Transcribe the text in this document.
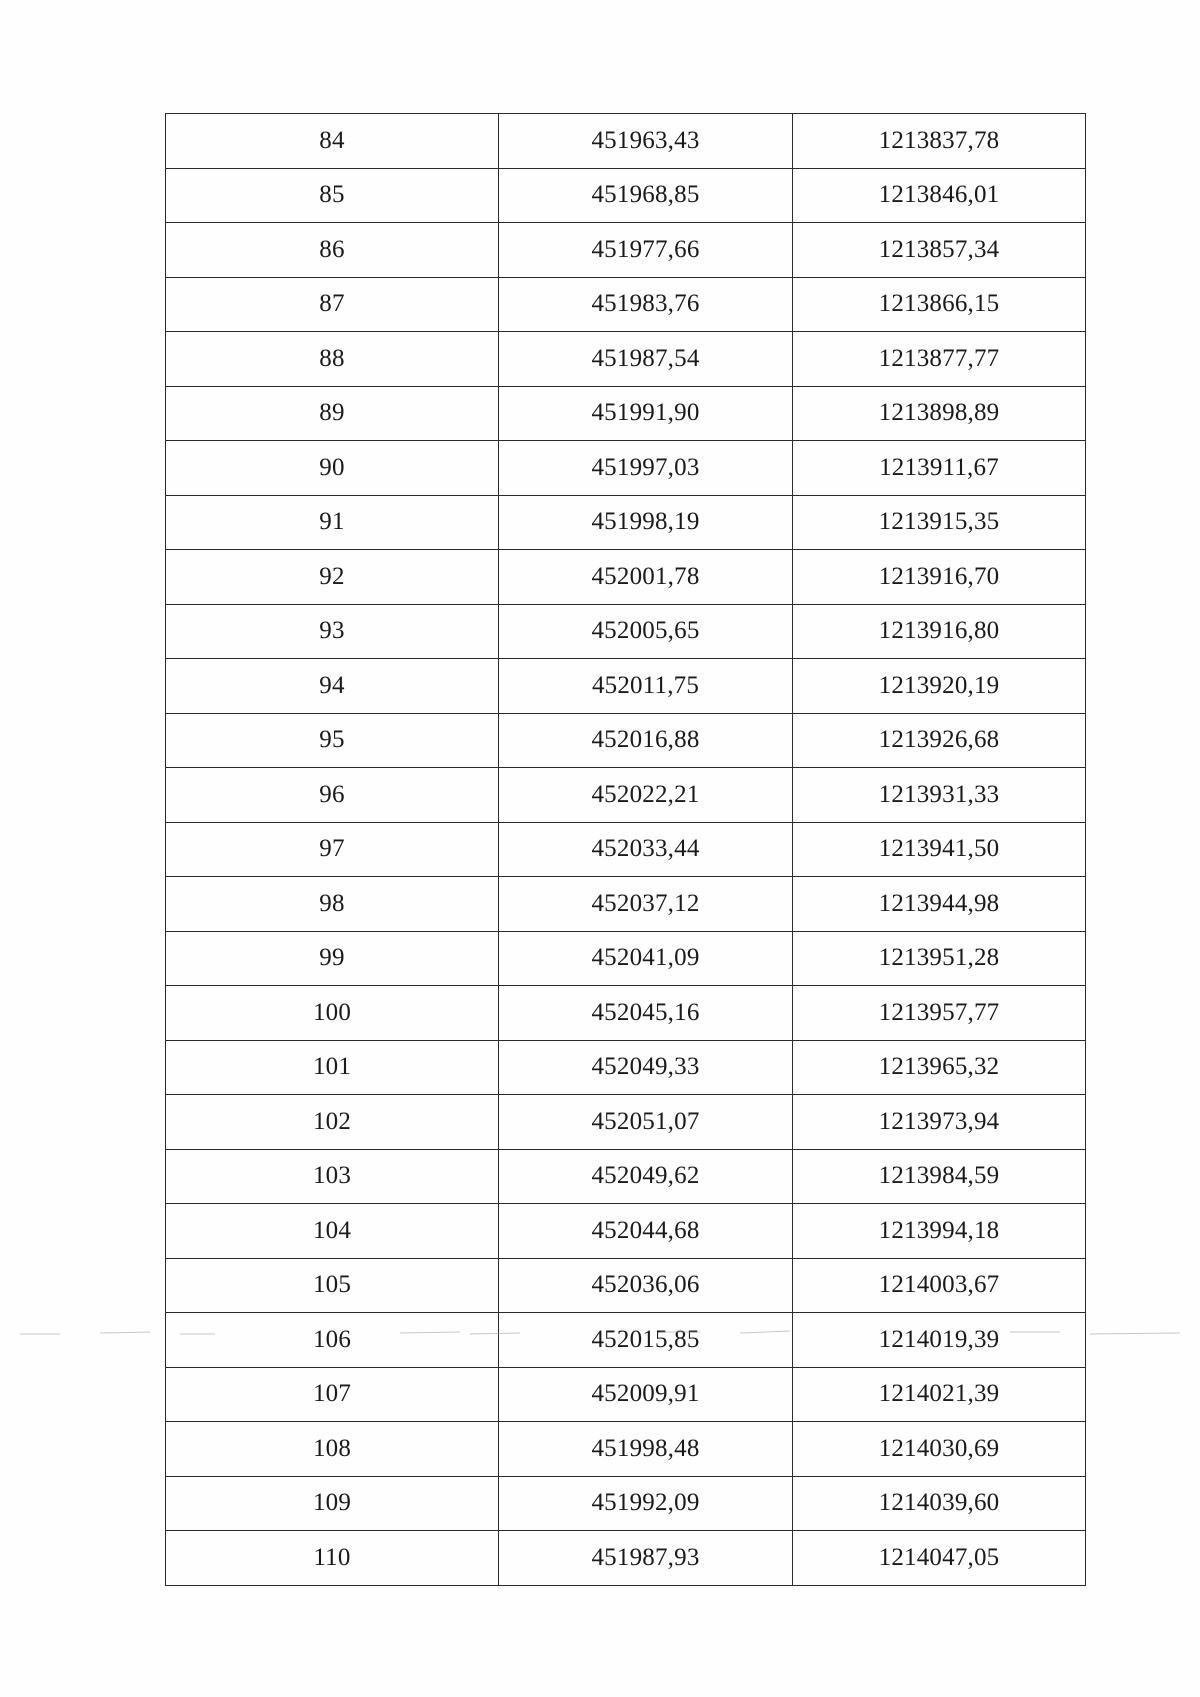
84	451963,43	1213837,78
85	451968,85	1213846,01
86	451977,66	1213857,34
87	451983,76	1213866,15
88	451987,54	1213877,77
89	451991,90	1213898,89
90	451997,03	1213911,67
91	451998,19	1213915,35
92	452001,78	1213916,70
93	452005,65	1213916,80
94	452011,75	1213920,19
95	452016,88	1213926,68
96	452022,21	1213931,33
97	452033,44	1213941,50
98	452037,12	1213944,98
99	452041,09	1213951,28
100	452045,16	1213957,77
101	452049,33	1213965,32
102	452051,07	1213973,94
103	452049,62	1213984,59
104	452044,68	1213994,18
105	452036,06	1214003,67
106	452015,85	1214019,39
107	452009,91	1214021,39
108	451998,48	1214030,69
109	451992,09	1214039,60
110	451987,93	1214047,05
